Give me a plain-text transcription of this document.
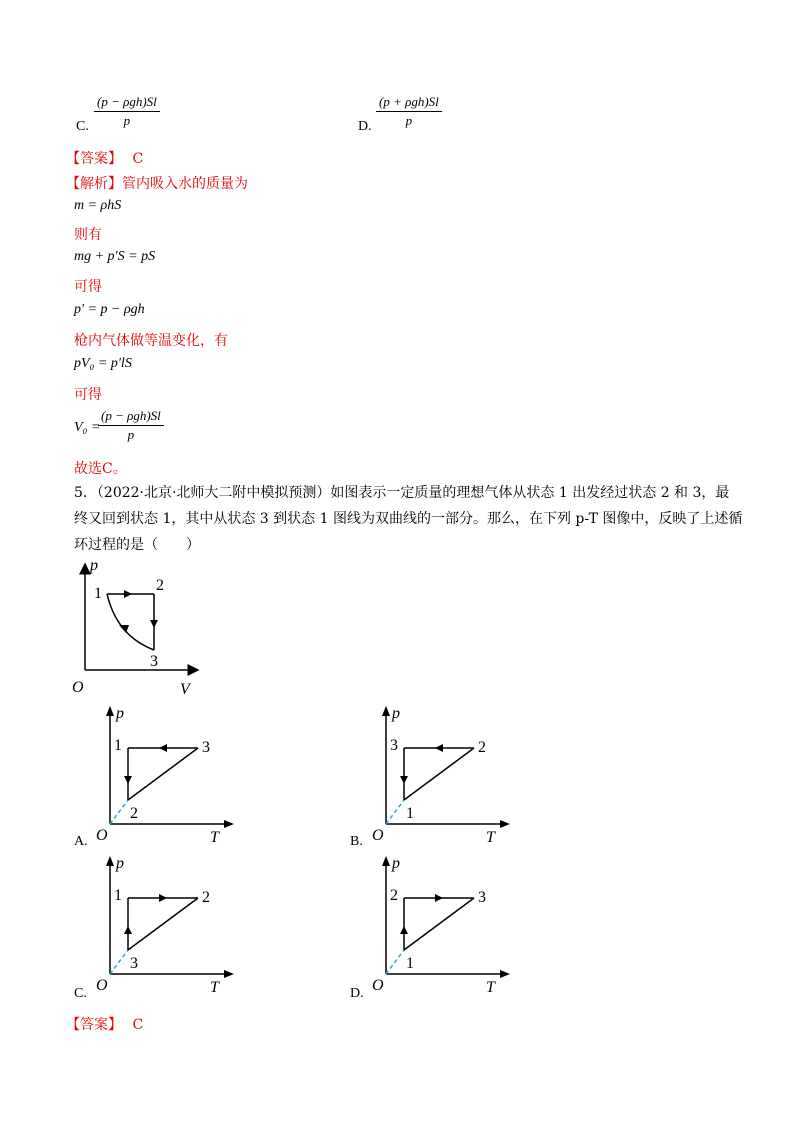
C.
(p − ρgh)Sl
p	D.
(p + ρgh)Sl
p
【答案】 C
【解析】管内吸入水的质量为
m = ρhS
则有
mg + p′S = pS
可得
p′ = p − ρgh
枪内气体做等温变化，有
pV₀ = p′lS
可得
V₀ =
(p − ρgh)Sl
p
故选C。
5．（2022·北京·北师大二附中模拟预测）如图表示一定质量的理想气体从状态 1 出发经过状态 2 和 3，最
终又回到状态 1，其中从状态 3 到状态 1 图线为双曲线的一部分。那么，在下列 p-T 图像中，反映了上述循
环过程的是（　　）
p
V
O
1	2
3
p
T
O
1	3
2
A.
p
T
O
3	2
1
B.
p
T
O
1	2
3
C.
p
T
O
2	3
1
D.
【答案】 C
